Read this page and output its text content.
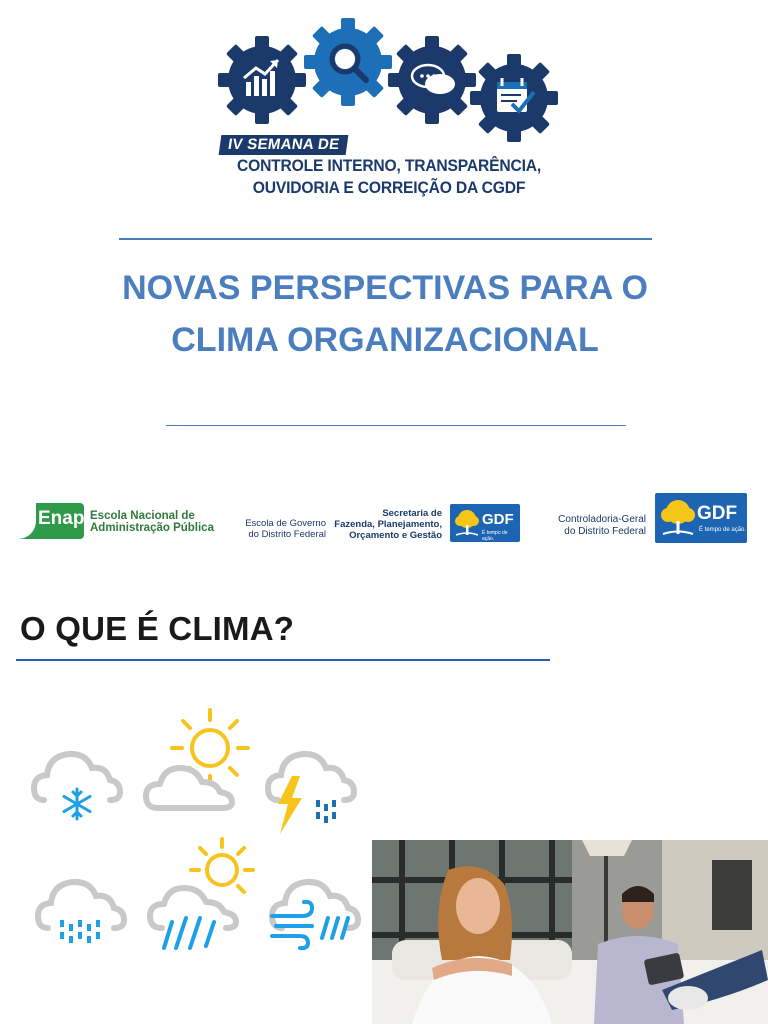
IV SEMANA DE
CONTROLE INTERNO, TRANSPARÊNCIA,
OUVIDORIA E CORREIÇÃO DA CGDF
NOVAS PERSPECTIVAS PARA O
CLIMA ORGANIZACIONAL
Enap Escola Nacional de
Administração Pública	Escola de Governo
do Distrito Federal
Secretaria de
Fazenda, Planejamento,
Orçamento e Gestão
GDF
É tempo de ação.
Controladoria-Geral
do Distrito Federal
GDF
É tempo de ação.
O QUE É CLIMA?
